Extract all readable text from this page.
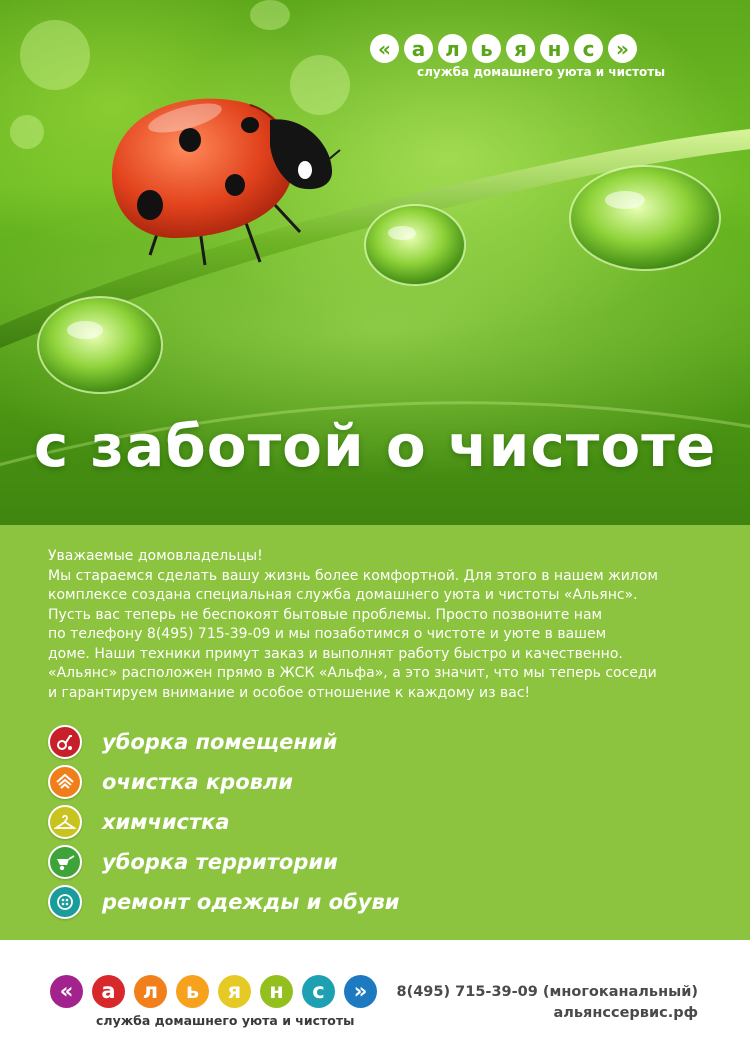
«	а л	ь	я	н	с	»
служба домашнего уюта и чистоты
с заботой о чистоте

Уважаемые домовладельцы!

Мы стараемся сделать вашу жизнь более комфортной. Для этого в нашем жилом

комплексе создана специальная служба домашнего уюта и чистоты «Альянс».

Пусть вас теперь не беспокоят бытовые проблемы. Просто позвоните нам

по телефону 8(495) 715-39-09 и мы позаботимся о чистоте и уюте в вашем

доме. Наши техники примут заказ и выполнят работу быстро и качественно.

«Альянс» расположен прямо в ЖСК «Альфа», а это значит, что мы теперь соседи

и гарантируем внимание и особое отношение к каждому из вас!

уборка помещений
очистка кровли
химчистка
уборка территории
ремонт одежды и обуви
«	а	л	ь	я	н	с	»
служба домашнего уюта и чистоты
8(495) 715-39-09 (многоканальный)
альянссервис.рф
